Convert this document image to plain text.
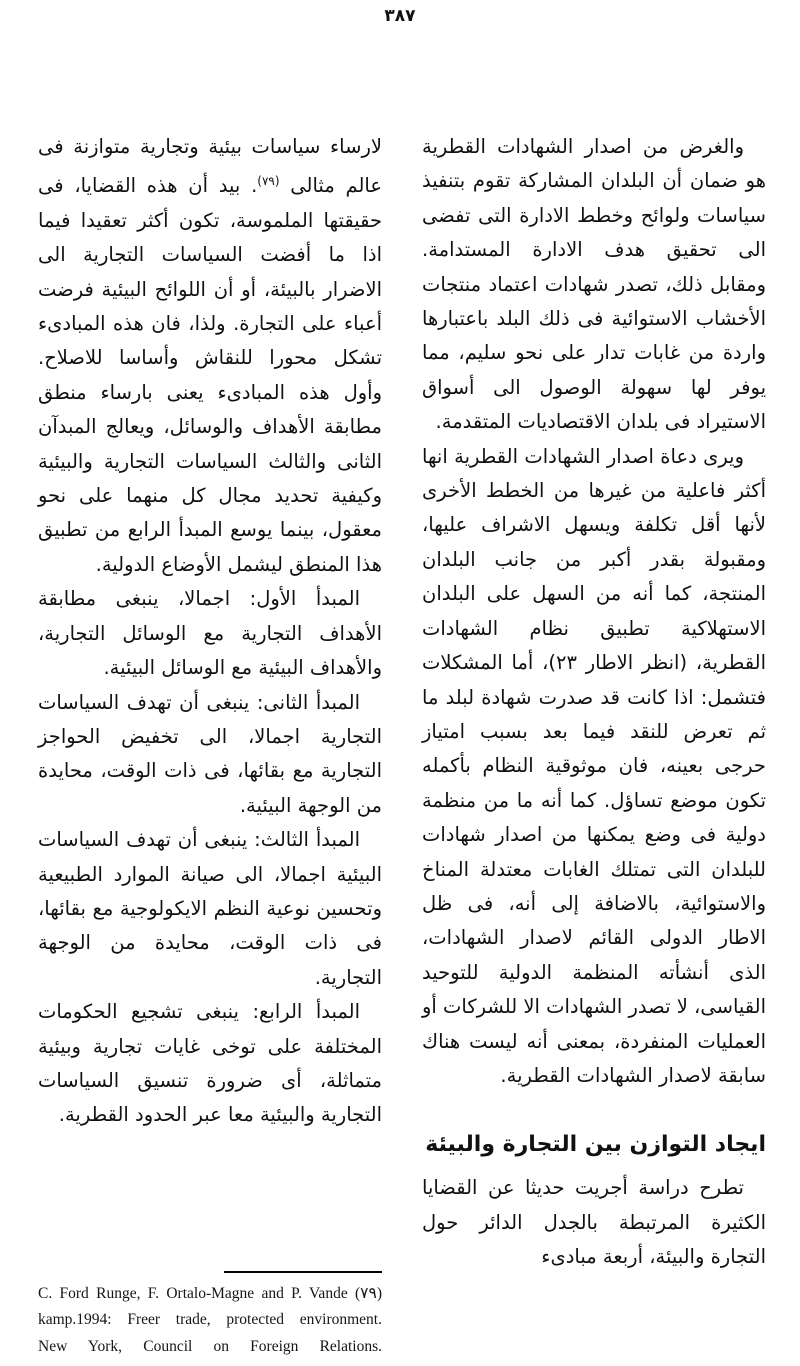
٣٨٧

والغرض من اصدار الشهادات القطرية هو ضمان أن البلدان المشاركة تقوم بتنفيذ سياسات ولوائح وخطط الادارة التى تفضى الى تحقيق هدف الادارة المستدامة. ومقابل ذلك، تصدر شهادات اعتماد منتجات الأخشاب الاستوائية فى ذلك البلد باعتبارها واردة من غابات تدار على نحو سليم، مما يوفر لها سهولة الوصول الى أسواق الاستيراد فى بلدان الاقتصاديات المتقدمة.

ويرى دعاة اصدار الشهادات القطرية انها أكثر فاعلية من غيرها من الخطط الأخرى لأنها أقل تكلفة ويسهل الاشراف عليها، ومقبولة بقدر أكبر من جانب البلدان المنتجة، كما أنه من السهل على البلدان الاستهلاكية تطبيق نظام الشهادات القطرية، (انظر الاطار ٢٣)، أما المشكلات فتشمل: اذا كانت قد صدرت شهادة لبلد ما ثم تعرض للنقد فيما بعد بسبب امتياز حرجى بعينه، فان موثوقية النظام بأكمله تكون موضع تساؤل. كما أنه ما من منظمة دولية فى وضع يمكنها من اصدار شهادات للبلدان التى تمتلك الغابات معتدلة المناخ والاستوائية، بالاضافة إلى أنه، فى ظل الاطار الدولى القائم لاصدار الشهادات، الذى أنشأته المنظمة الدولية للتوحيد القياسى، لا تصدر الشهادات الا للشركات أو العمليات المنفردة، بمعنى أنه ليست هناك سابقة لاصدار الشهادات القطرية.

ايجاد التوازن بين التجارة والبيئة

تطرح دراسة أجريت حديثا عن القضايا الكثيرة المرتبطة بالجدل الدائر حول التجارة والبيئة، أربعة مبادىء

لارساء سياسات بيئية وتجارية متوازنة فى عالم مثالى $^{(٧٩)}$. بيد أن هذه القضايا، فى حقيقتها الملموسة، تكون أكثر تعقيدا فيما اذا ما أفضت السياسات التجارية الى الاضرار بالبيئة، أو أن اللوائح البيئية فرضت أعباء على التجارة. ولذا، فان هذه المبادىء تشكل محورا للنقاش وأساسا للاصلاح. وأول هذه المبادىء يعنى بارساء منطق مطابقة الأهداف والوسائل، ويعالج المبدآن الثانى والثالث السياسات التجارية والبيئية وكيفية تحديد مجال كل منهما على نحو معقول، بينما يوسع المبدأ الرابع من تطبيق هذا المنطق ليشمل الأوضاع الدولية.

المبدأ الأول: اجمالا، ينبغى مطابقة الأهداف التجارية مع الوسائل التجارية، والأهداف البيئية مع الوسائل البيئية.

المبدأ الثانى: ينبغى أن تهدف السياسات التجارية اجمالا، الى تخفيض الحواجز التجارية مع بقائها، فى ذات الوقت، محايدة من الوجهة البيئية.

المبدأ الثالث: ينبغى أن تهدف السياسات البيئية اجمالا، الى صيانة الموارد الطبيعية وتحسين نوعية النظم الايكولوجية مع بقائها، فى ذات الوقت، محايدة من الوجهة التجارية.

المبدأ الرابع: ينبغى تشجيع الحكومات المختلفة على توخى غايات تجارية وبيئية متماثلة، أى ضرورة تنسيق السياسات التجارية والبيئية معا عبر الحدود القطرية.

C. Ford Runge, F. Ortalo-Magne and P. Vande (٧٩)
kamp.1994: Freer trade, protected environment.
New York, Council on Foreign Relations.
